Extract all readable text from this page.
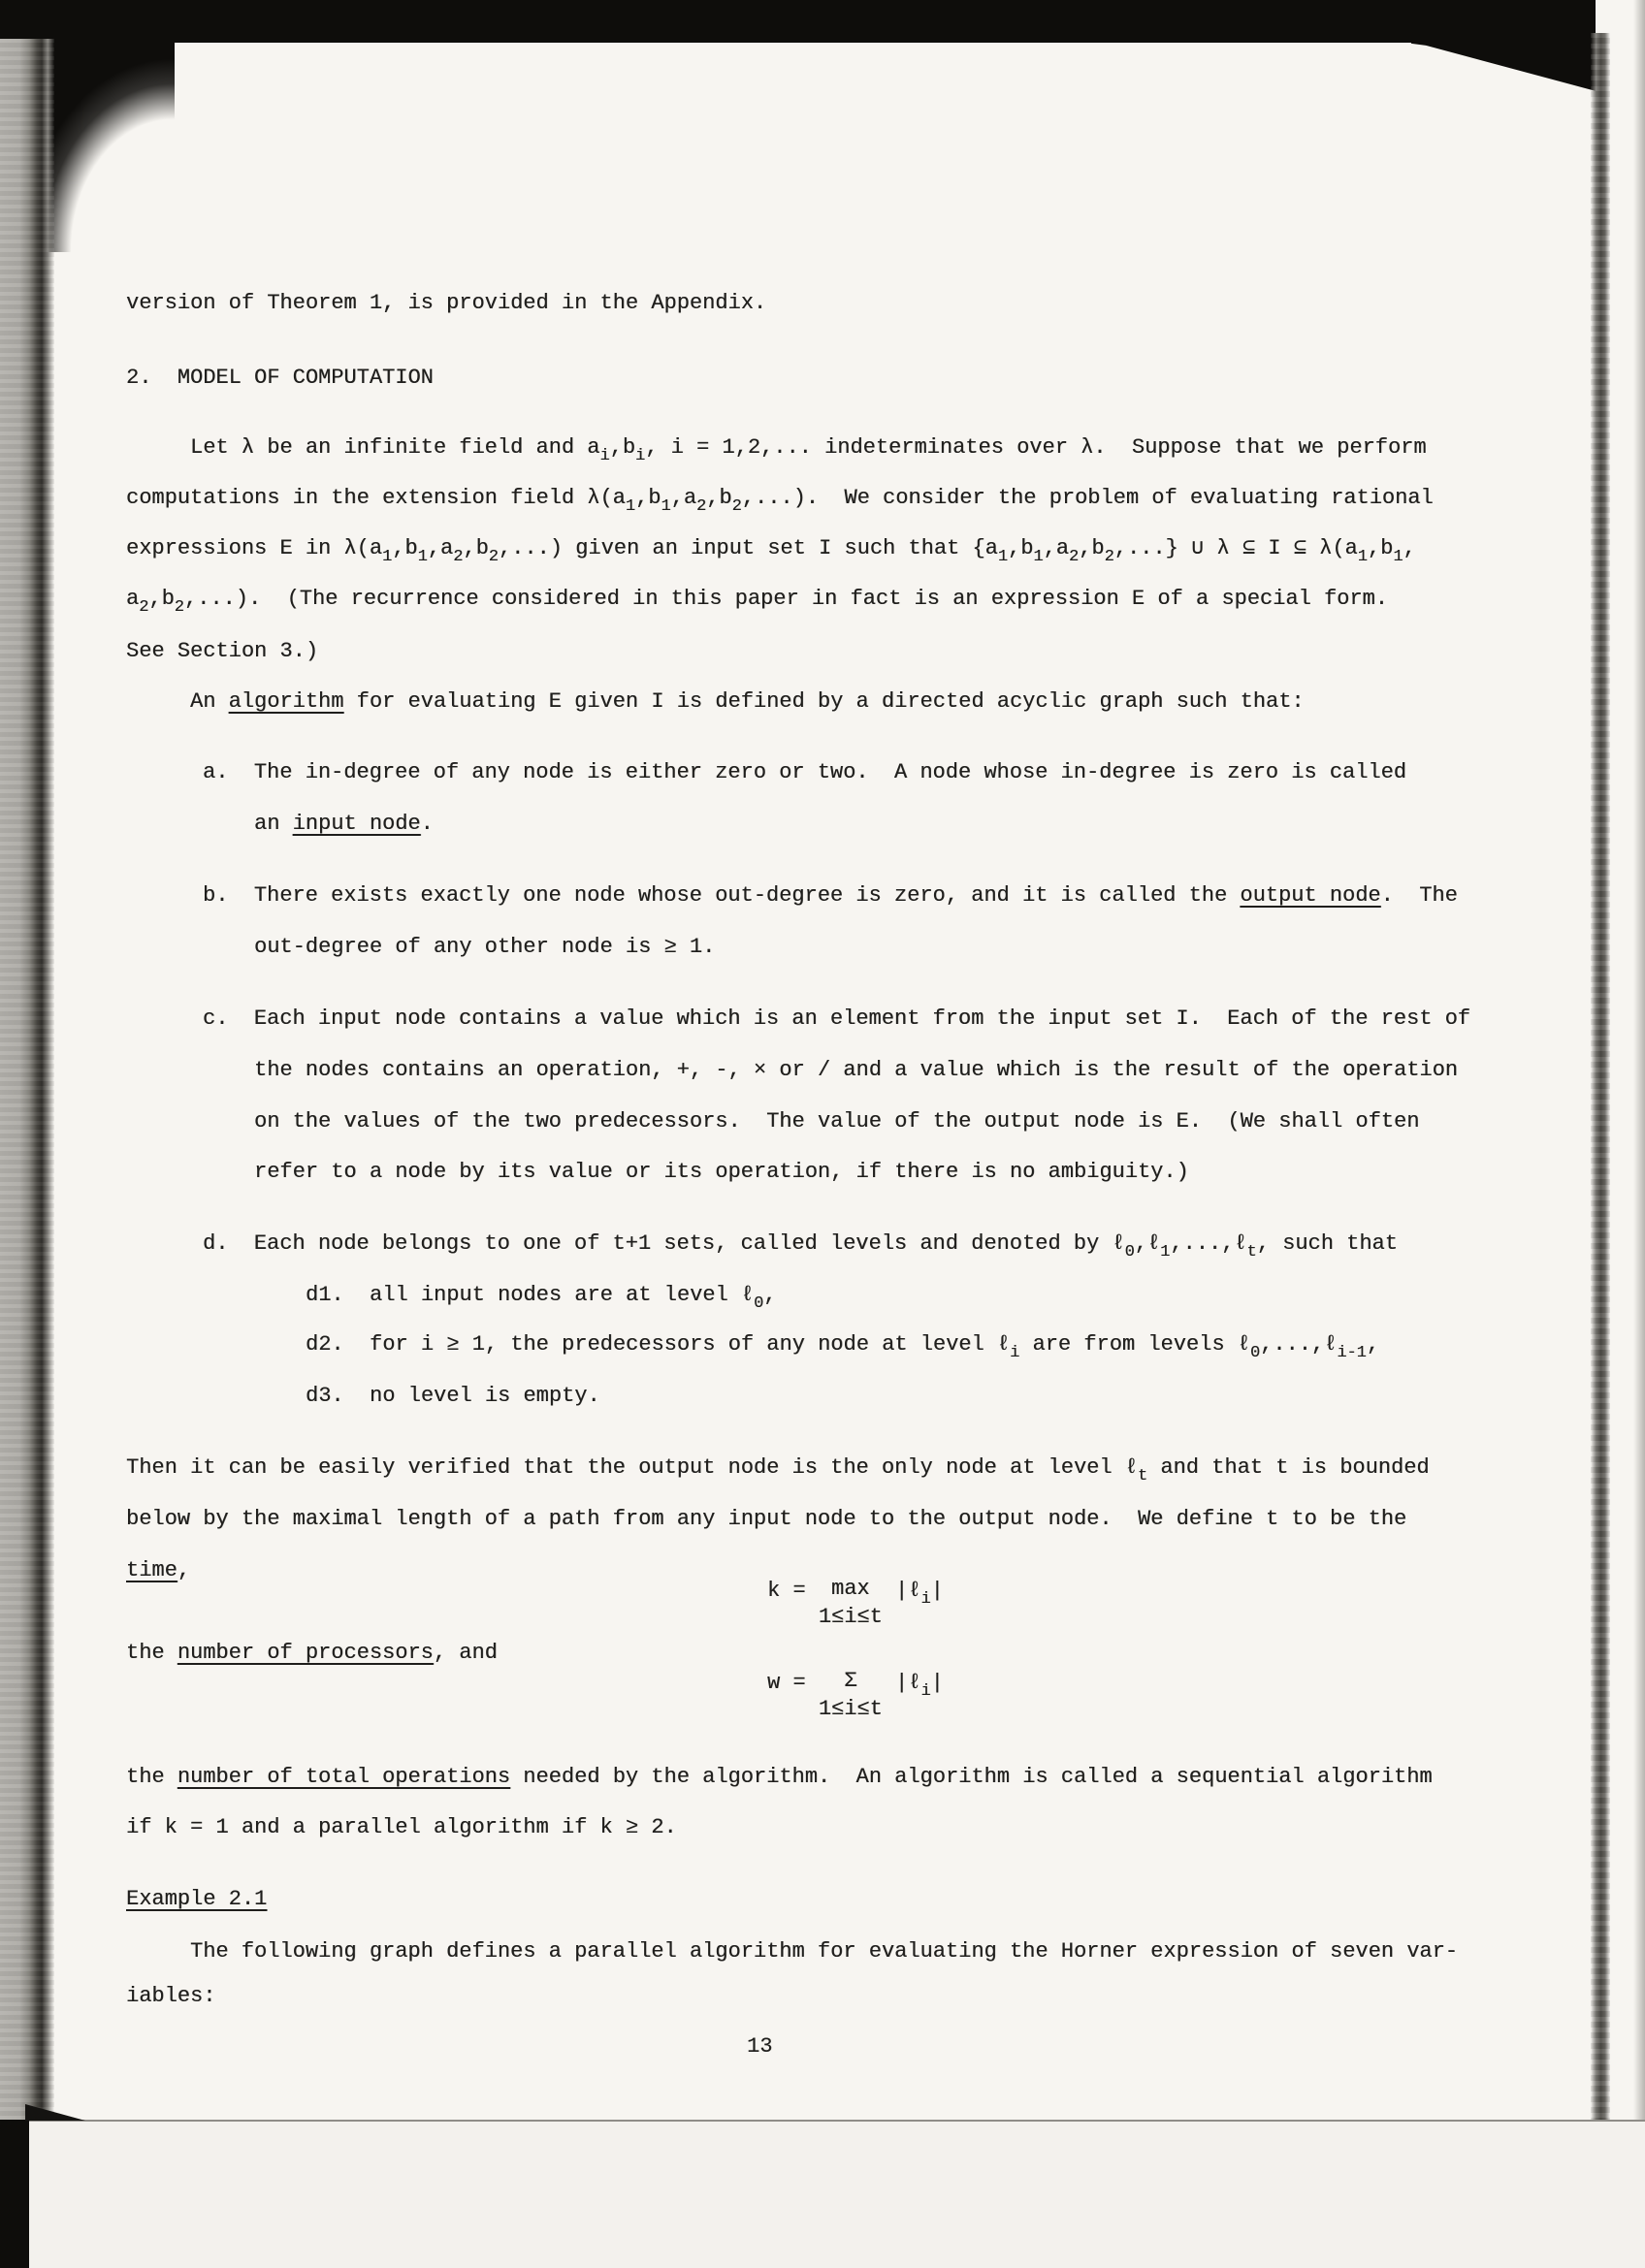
13
version of Theorem 1, is provided in the Appendix.
2.  MODEL OF COMPUTATION
Let λ be an infinite field and $a_i,b_i$, i = 1,2,... indeterminates over λ.  Suppose that we perform
computations in the extension field $\lambda(a_1,b_1,a_2,b_2,...)$.  We consider the problem of evaluating rational
expressions E in $\lambda(a_1,b_1,a_2,b_2,...)$ given an input set I such that $\{a_1,b_1,a_2,b_2,...\}$ ∪ λ ⊆ I ⊆ $\lambda(a_1,b_1$,
$a_2,b_2$,...).  (The recurrence considered in this paper in fact is an expression E of a special form.
See Section 3.)
An algorithm for evaluating E given I is defined by a directed acyclic graph such that:
a.  The in-degree of any node is either zero or two.  A node whose in-degree is zero is called
an input node.
b.  There exists exactly one node whose out-degree is zero, and it is called the output node.  The
out-degree of any other node is ≥ 1.
c.  Each input node contains a value which is an element from the input set I.  Each of the rest of
the nodes contains an operation, +, -, × or / and a value which is the result of the operation
on the values of the two predecessors.  The value of the output node is E.  (We shall often
refer to a node by its value or its operation, if there is no ambiguity.)
d.  Each node belongs to one of t+1 sets, called levels and denoted by ℓ$_0$,ℓ$_1$,...,ℓ$_t$, such that
d1.  all input nodes are at level ℓ$_0$,
d2.  for i ≥ 1, the predecessors of any node at level ℓ$_i$ are from levels ℓ$_0$,...,ℓ$_{i-1}$,
d3.  no level is empty.
Then it can be easily verified that the output node is the only node at level ℓ$_t$ and that t is bounded
below by the maximal length of a path from any input node to the output node.  We define t to be the
time,
k = max
1≤i≤t
|ℓ$_i$|
the number of processors, and
w = Σ
1≤i≤t
|ℓ$_i$|
the number of total operations needed by the algorithm.  An algorithm is called a sequential algorithm
if k = 1 and a parallel algorithm if k ≥ 2.
Example 2.1
The following graph defines a parallel algorithm for evaluating the Horner expression of seven var-
iables:
